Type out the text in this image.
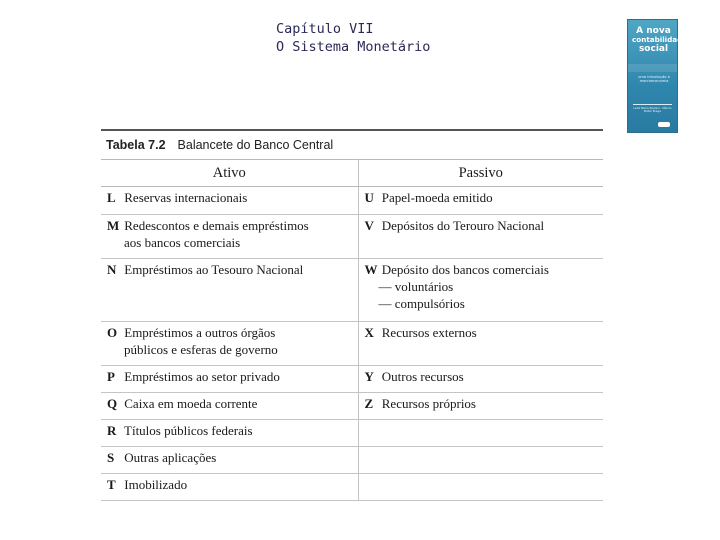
Capítulo VII
O Sistema Monetário
A nova
contabilidade
social
uma introdução à macroeconomia
Leda Maria Paulani · Márcio Bobik Braga
Tabela 7.2 Balancete do Banco Central
Ativo	Passivo
L Reservas internacionais	U Papel-moeda emitido

M Redescontos e demais empréstimos
aos bancos comerciais	V Depósitos do Terouro Nacional

N Empréstimos ao Tesouro Nacional	W Depósito dos bancos comerciais
— voluntários
— compulsórios

O Empréstimos a outros órgãos
públicos e esferas de governo	X Recursos externos

P Empréstimos ao setor privado	Y Outros recursos

Q Caixa em moeda corrente	Z Recursos próprios

R Títulos públicos federais

S Outras aplicações

T Imobilizado
